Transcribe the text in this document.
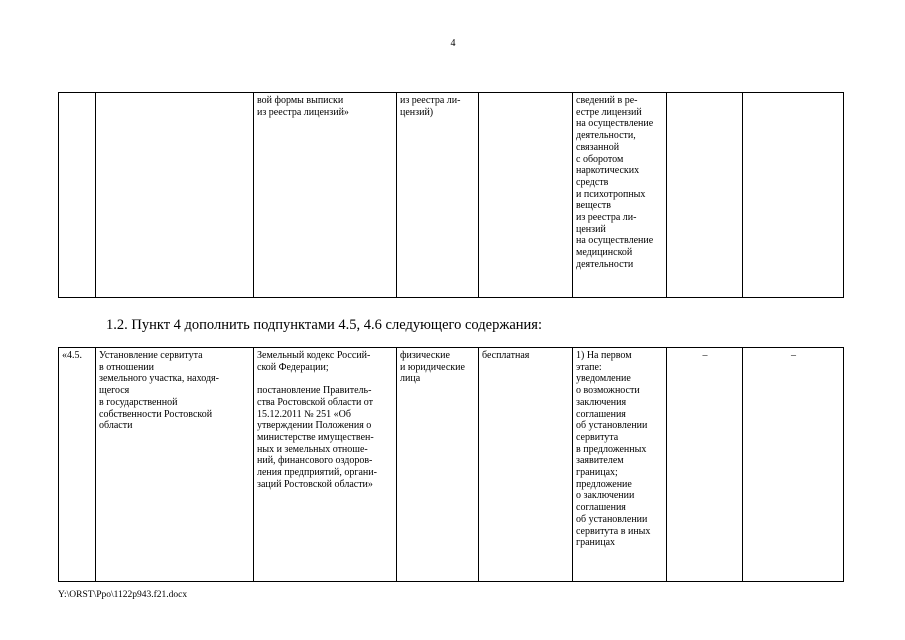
4
		вой формы выписки
из реестра лицензий»	из реестра ли-
цензий)		сведений в ре-
естре лицензий
на осуществление
деятельности,
связанной
с оборотом
наркотических
средств
и психотропных
веществ
из реестра ли-
цензий
на осуществление
медицинской
деятельности		
1.2. Пункт 4 дополнить подпунктами 4.5, 4.6 следующего содержания:
«4.5.	Установление сервитута
в отношении
земельного участка, находя-
щегося
в государственной
собственности Ростовской
области	Земельный кодекс Россий-
ской Федерации;

постановление Правитель-
ства Ростовской области от
15.12.2011 № 251 «Об
утверждении Положения о
министерстве имуществен-
ных и земельных отноше-
ний, финансового оздоров-
ления предприятий, органи-
заций Ростовской области»	физические
и юридические
лица	бесплатная	1) На первом
этапе:
уведомление
о возможности
заключения
соглашения
об установлении
сервитута
в предложенных
заявителем
границах;
предложение
о заключении
соглашения
об установлении
сервитута в иных
границах	–	–
Y:\ORST\Ppo\1122p943.f21.docx
